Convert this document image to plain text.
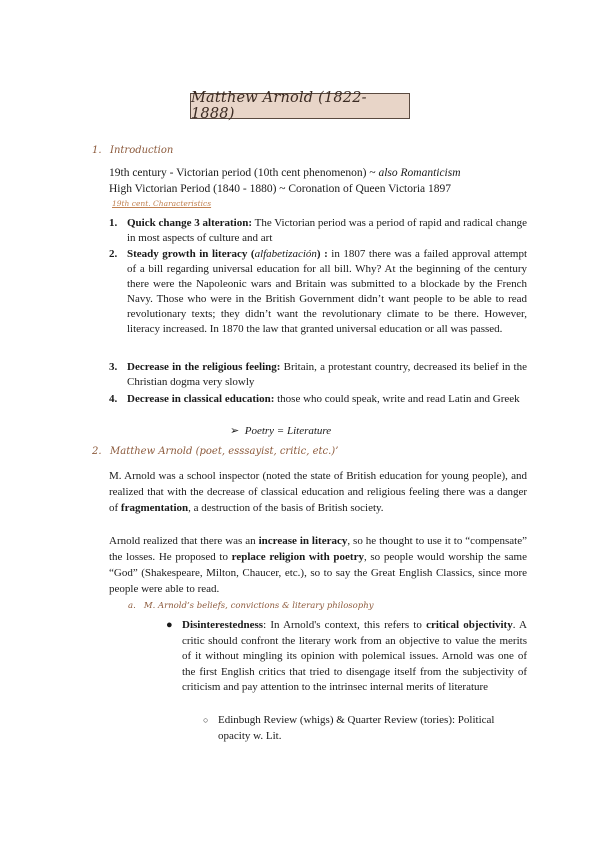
Matthew Arnold (1822-1888)
1. Introduction
19th century - Victorian period (10th cent phenomenon) ~ also Romanticism
High Victorian Period (1840 - 1880) ~ Coronation of Queen Victoria 1897
19th cent. Characteristics
1. Quick change 3 alteration: The Victorian period was a period of rapid and radical change in most aspects of culture and art
2. Steady growth in literacy (alfabetización) : in 1807 there was a failed approval attempt of a bill regarding universal education for all bill. Why? At the beginning of the century there were the Napoleonic wars and Britain was submitted to a blockade by the French Navy. Those who were in the British Government didn’t want people to be able to read revolutionary texts; they didn’t want the revolutionary climate to be there. However, literacy increased. In 1870 the law that granted universal education or all was passed.
3. Decrease in the religious feeling: Britain, a protestant country, decreased its belief in the Christian dogma very slowly
4. Decrease in classical education: those who could speak, write and read Latin and Greek
➢ Poetry = Literature
2. Matthew Arnold (poet, esssayist, critic, etc.)’
M. Arnold was a school inspector (noted the state of British education for young people), and realized that with the decrease of classical education and religious feeling there was a danger of fragmentation, a destruction of the basis of British society.
Arnold realized that there was an increase in literacy, so he thought to use it to “compensate” the losses. He proposed to replace religion with poetry, so people would worship the same “God” (Shakespeare, Milton, Chaucer, etc.), so to say the Great English Classics, since more people were able to read.
a. M. Arnold’s beliefs, convictions & literary philosophy
● Disinterestedness: In Arnold's context, this refers to critical objectivity. A critic should confront the literary work from an objective to value the merits of it without mingling its opinion with polemical issues. Arnold was one of the first English critics that tried to disengage itself from the subjectivity of criticism and pay attention to the intrinsec internal merits of literature
○ Edinbugh Review (whigs) & Quarter Review (tories): Political opacity w. Lit.
